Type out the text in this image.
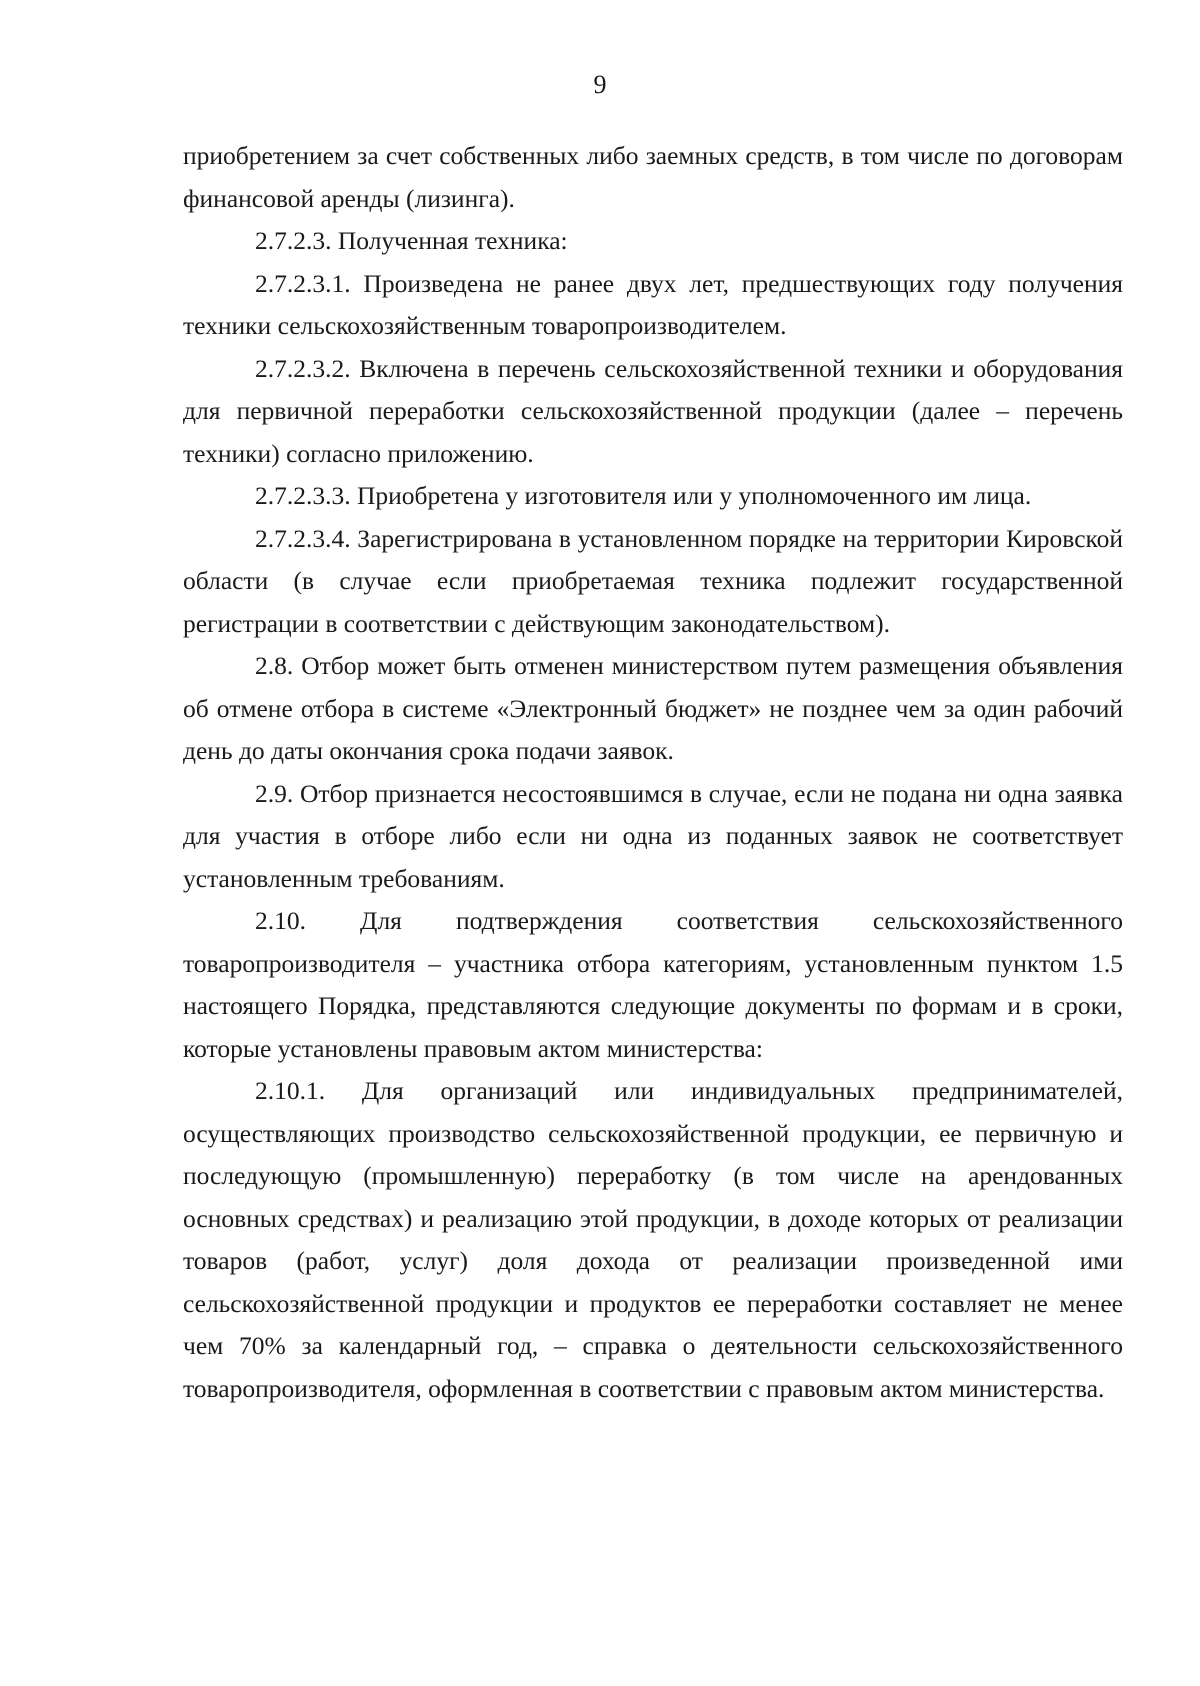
9

приобретением за счет собственных либо заемных средств, в том числе по договорам финансовой аренды (лизинга).

2.7.2.3. Полученная техника:

2.7.2.3.1. Произведена не ранее двух лет, предшествующих году получения техники сельскохозяйственным товаропроизводителем.

2.7.2.3.2. Включена в перечень сельскохозяйственной техники и оборудования для первичной переработки сельскохозяйственной продукции (далее – перечень техники) согласно приложению.

2.7.2.3.3. Приобретена у изготовителя или у уполномоченного им лица.

2.7.2.3.4. Зарегистрирована в установленном порядке на территории Кировской области (в случае если приобретаемая техника подлежит государственной регистрации в соответствии с действующим законодательством).

2.8. Отбор может быть отменен министерством путем размещения объявления об отмене отбора в системе «Электронный бюджет» не позднее чем за один рабочий день до даты окончания срока подачи заявок.

2.9. Отбор признается несостоявшимся в случае, если не подана ни одна заявка для участия в отборе либо если ни одна из поданных заявок не соответствует установленным требованиям.

2.10. Для подтверждения соответствия сельскохозяйственного товаропроизводителя – участника отбора категориям, установленным пунктом 1.5 настоящего Порядка, представляются следующие документы по формам и в сроки, которые установлены правовым актом министерства:

2.10.1. Для организаций или индивидуальных предпринимателей, осуществляющих производство сельскохозяйственной продукции, ее первичную и последующую (промышленную) переработку (в том числе на арендованных основных средствах) и реализацию этой продукции, в доходе которых от реализации товаров (работ, услуг) доля дохода от реализации произведенной ими сельскохозяйственной продукции и продуктов ее переработки составляет не менее чем 70% за календарный год, – справка о деятельности сельскохозяйственного товаропроизводителя, оформленная в соответствии с правовым актом министерства.
